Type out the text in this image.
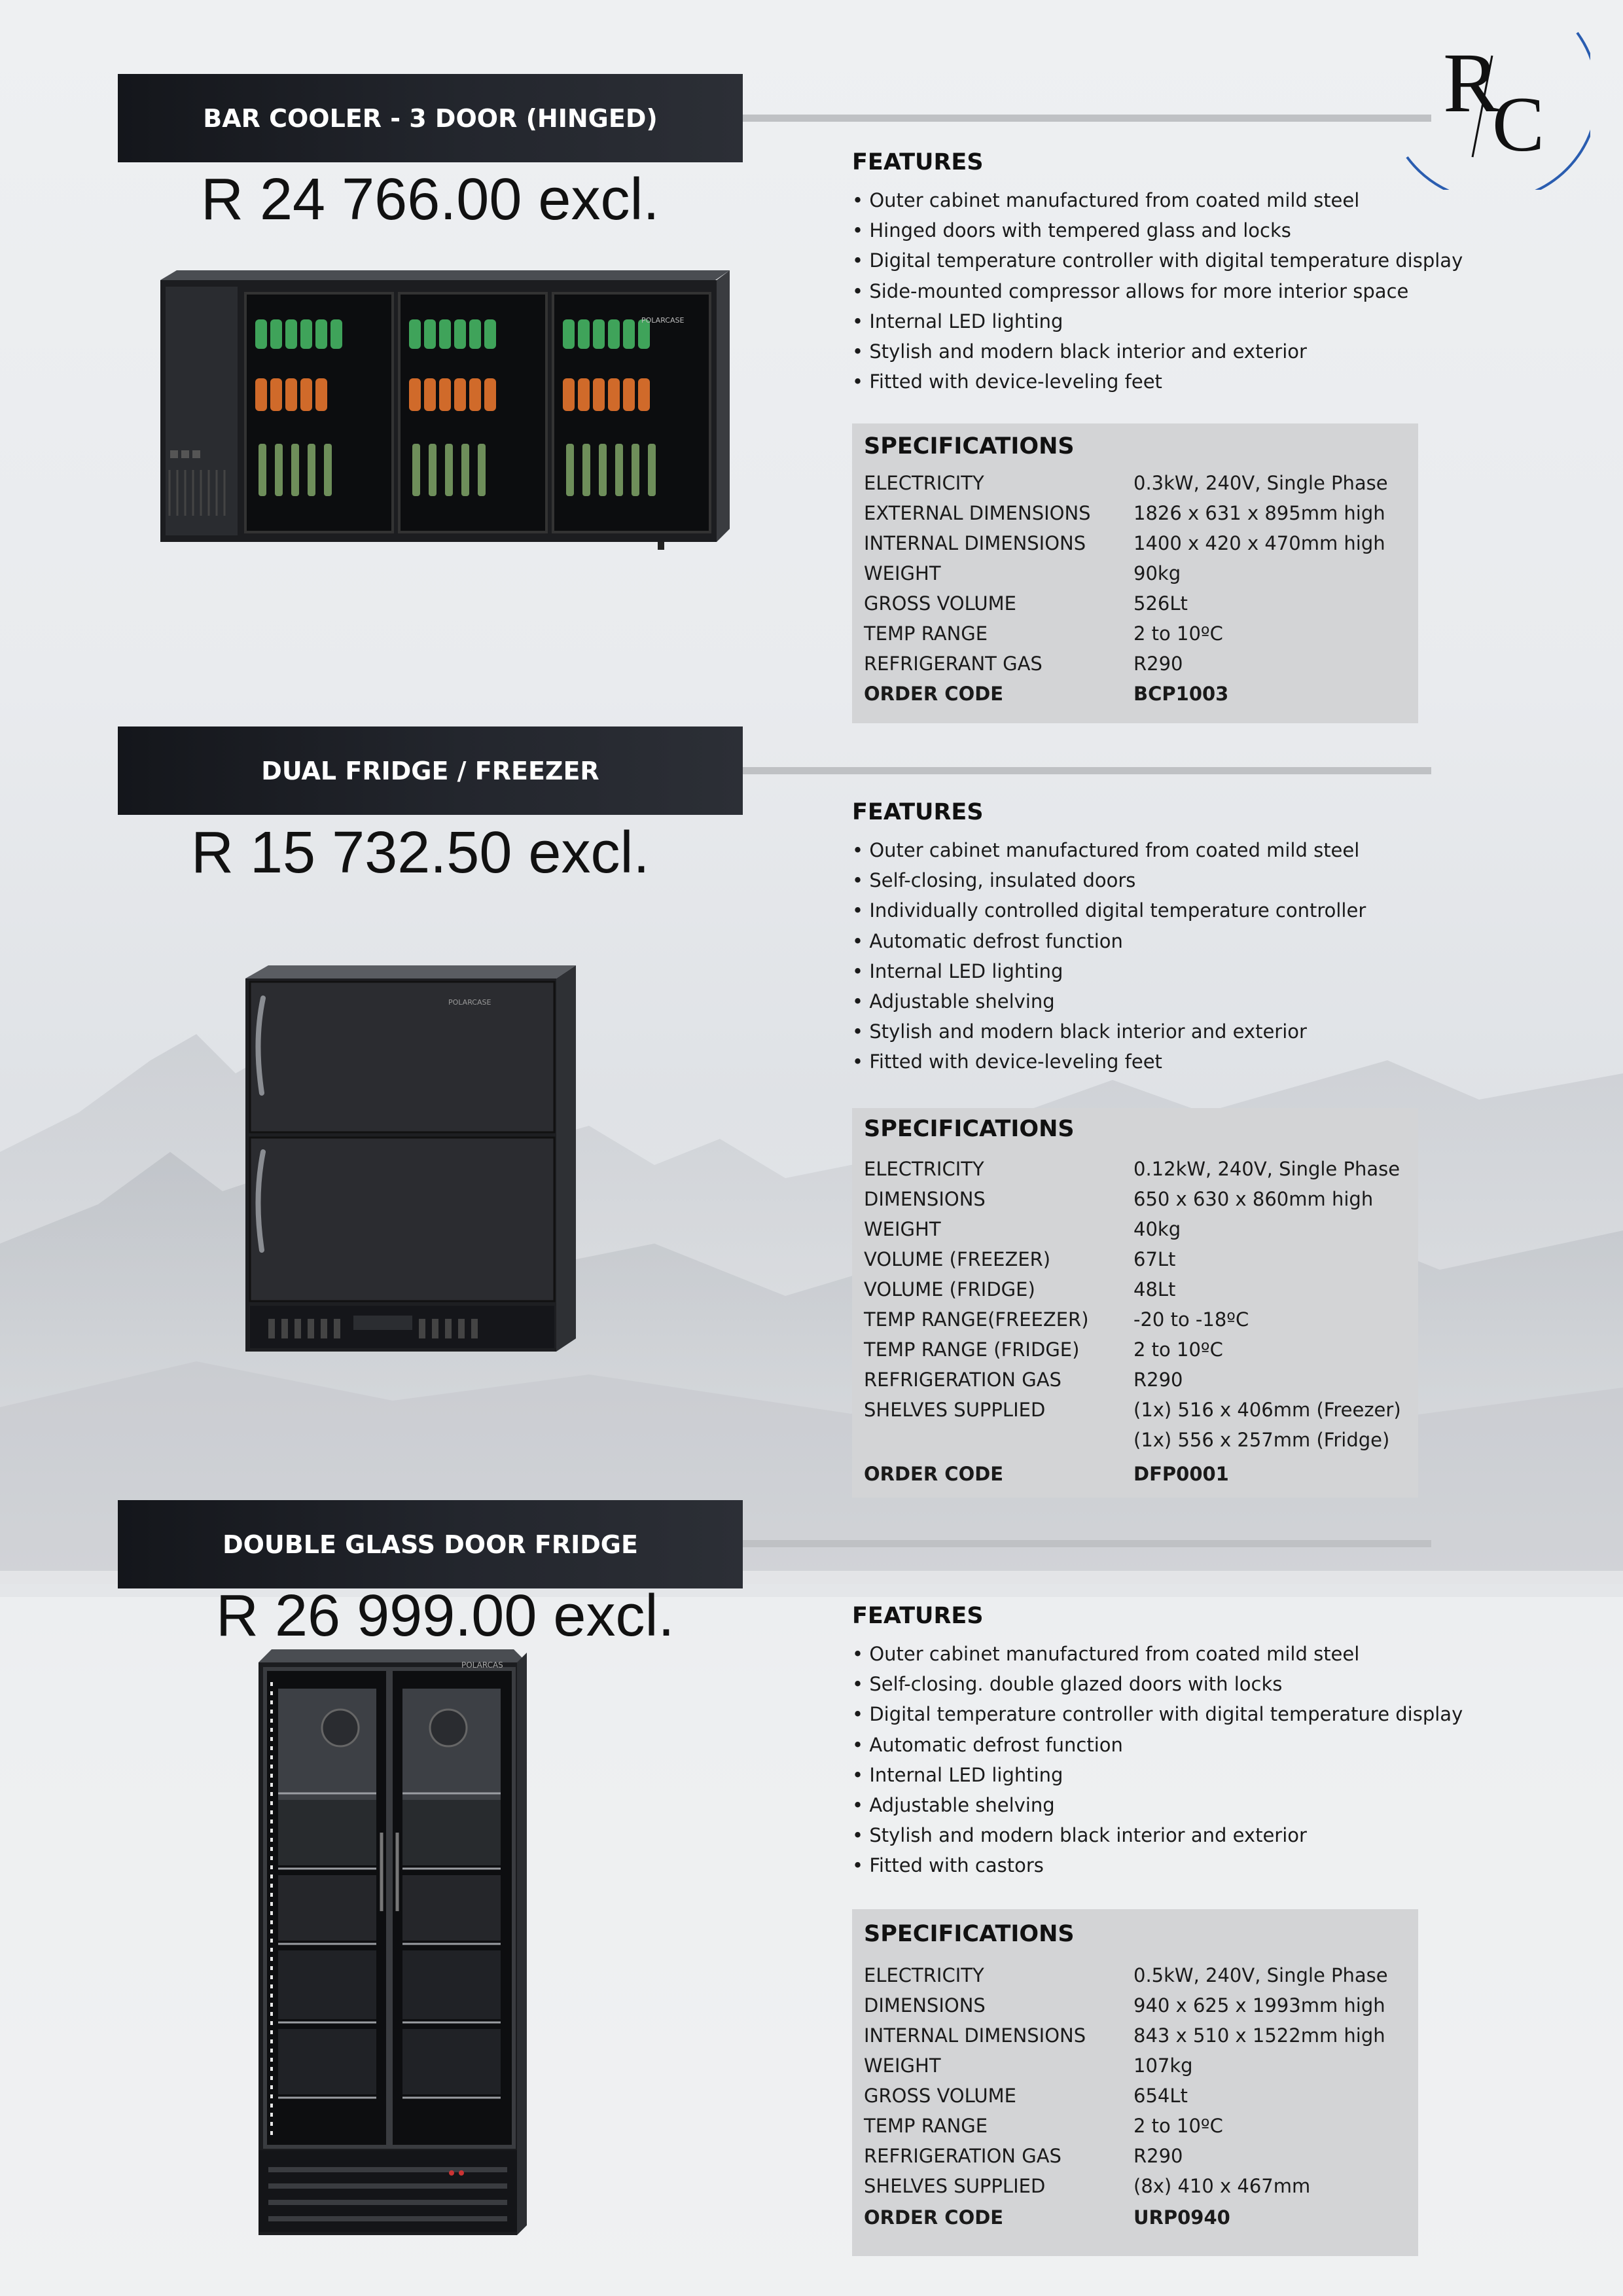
R
C
BAR COOLER - 3 DOOR (HINGED)
R 24 766.00 excl.
POLARCASE
FEATURES
• Outer cabinet manufactured from coated mild steel
• Hinged doors with tempered glass and locks
• Digital temperature controller with digital temperature display
• Side-mounted compressor allows for more interior space
• Internal LED lighting
• Stylish and modern black interior and exterior
• Fitted with device-leveling feet
SPECIFICATIONS
ELECTRICITY	0.3kW, 240V, Single Phase
EXTERNAL DIMENSIONS 1826 x 631 x 895mm high
INTERNAL DIMENSIONS	1400 x 420 x 470mm high
WEIGHT	90kg
GROSS VOLUME	526Lt
TEMP RANGE	2 to 10ºC
REFRIGERANT GAS	R290
ORDER CODE	BCP1003
DUAL FRIDGE / FREEZER
R 15 732.50 excl.
POLARCASE
FEATURES
• Outer cabinet manufactured from coated mild steel
• Self-closing, insulated doors
• Individually controlled digital temperature controller
• Automatic defrost function
• Internal LED lighting
• Adjustable shelving
• Stylish and modern black interior and exterior
• Fitted with device-leveling feet
SPECIFICATIONS
ELECTRICITY	0.12kW, 240V, Single Phase
DIMENSIONS	650 x 630 x 860mm high
WEIGHT	40kg
VOLUME (FREEZER)	67Lt
VOLUME (FRIDGE)	48Lt
TEMP RANGE(FREEZER) -20 to -18ºC
TEMP RANGE (FRIDGE)	2 to 10ºC
REFRIGERATION GAS	R290
SHELVES SUPPLIED	(1x) 516 x 406mm (Freezer)
(1x) 556 x 257mm (Fridge)
ORDER CODE	DFP0001
DOUBLE GLASS DOOR FRIDGE
R 26 999.00 excl.
POLARCAS
FEATURES
• Outer cabinet manufactured from coated mild steel
• Self-closing. double glazed doors with locks
• Digital temperature controller with digital temperature display
• Automatic defrost function
• Internal LED lighting
• Adjustable shelving
• Stylish and modern black interior and exterior
• Fitted with castors
SPECIFICATIONS
ELECTRICITY	0.5kW, 240V, Single Phase
DIMENSIONS	940 x 625 x 1993mm high
INTERNAL DIMENSIONS	843 x 510 x 1522mm high
WEIGHT	107kg
GROSS VOLUME	654Lt
TEMP RANGE	2 to 10ºC
REFRIGERATION GAS	R290
SHELVES SUPPLIED	(8x) 410 x 467mm
ORDER CODE	URP0940
